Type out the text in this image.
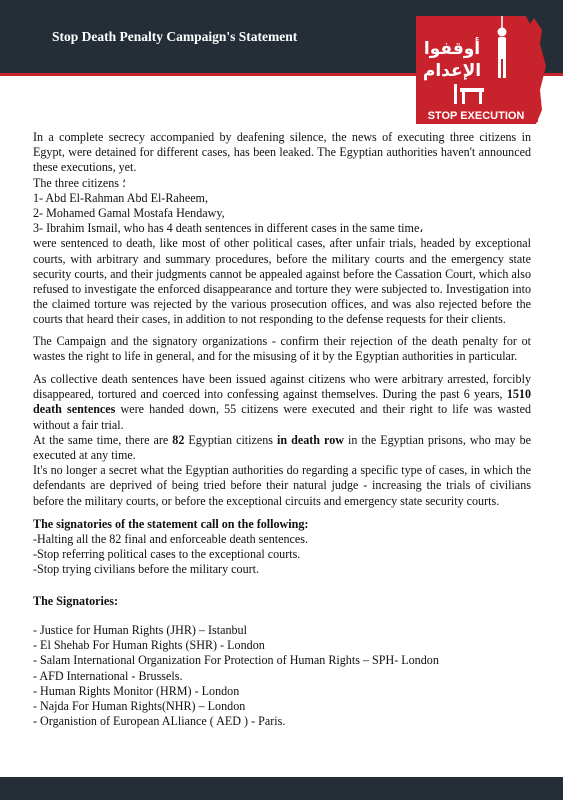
Stop Death Penalty Campaign's Statement
أوقفوا
الإعدام
STOP EXECUTION

In a complete secrecy accompanied by deafening silence, the news of executing three citizens in Egypt, were detained for different cases, has been leaked. The Egyptian authorities haven't announced these executions, yet.

The three citizens ؛

1- Abd El-Rahman Abd El-Raheem,

2- Mohamed Gamal Mostafa Hendawy,

3- Ibrahim Ismail, who has 4 death sentences in different cases in the same time،

were sentenced to death, like most of other political cases, after unfair trials, headed by exceptional courts, with arbitrary and summary procedures, before the military courts and the emergency state security courts, and their judgments cannot be appealed against before the Cassation Court, which also refused to investigate the enforced disappearance and torture they were subjected to. Investigation into the claimed torture was rejected by the various prosecution offices, and was also rejected before the courts that heard their cases, in addition to not responding to the defense requests for their clients.

The Campaign and the signatory organizations - confirm their rejection of the death penalty for ot wastes the right to life in general, and for the misusing of it by the Egyptian authorities in particular.

As collective death sentences have been issued against citizens who were arbitrary arrested, forcibly disappeared, tortured and coerced into confessing against themselves. During the past 6 years, 1510 death sentences were handed down, 55 citizens were executed and their right to life was wasted without a fair trial.

At the same time, there are 82 Egyptian citizens in death row in the Egyptian prisons, who may be executed at any time.

It's no longer a secret what the Egyptian authorities do regarding a specific type of cases, in which the defendants are deprived of being tried before their natural judge - increasing the trials of civilians before the military courts, or before the exceptional circuits and emergency state security courts.

The signatories of the statement call on the following:

-Halting all the 82 final and enforceable death sentences.

-Stop referring political cases to the exceptional courts.

-Stop trying civilians before the military court.

The Signatories:

- Justice for Human Rights (JHR) – Istanbul

- El Shehab For Human Rights (SHR) - London

- Salam International Organization For Protection of Human Rights – SPH- London

- AFD International - Brussels.

- Human Rights Monitor (HRM) - London

- Najda For Human Rights(NHR) – London

- Organistion of European ALliance ( AED ) - Paris.
